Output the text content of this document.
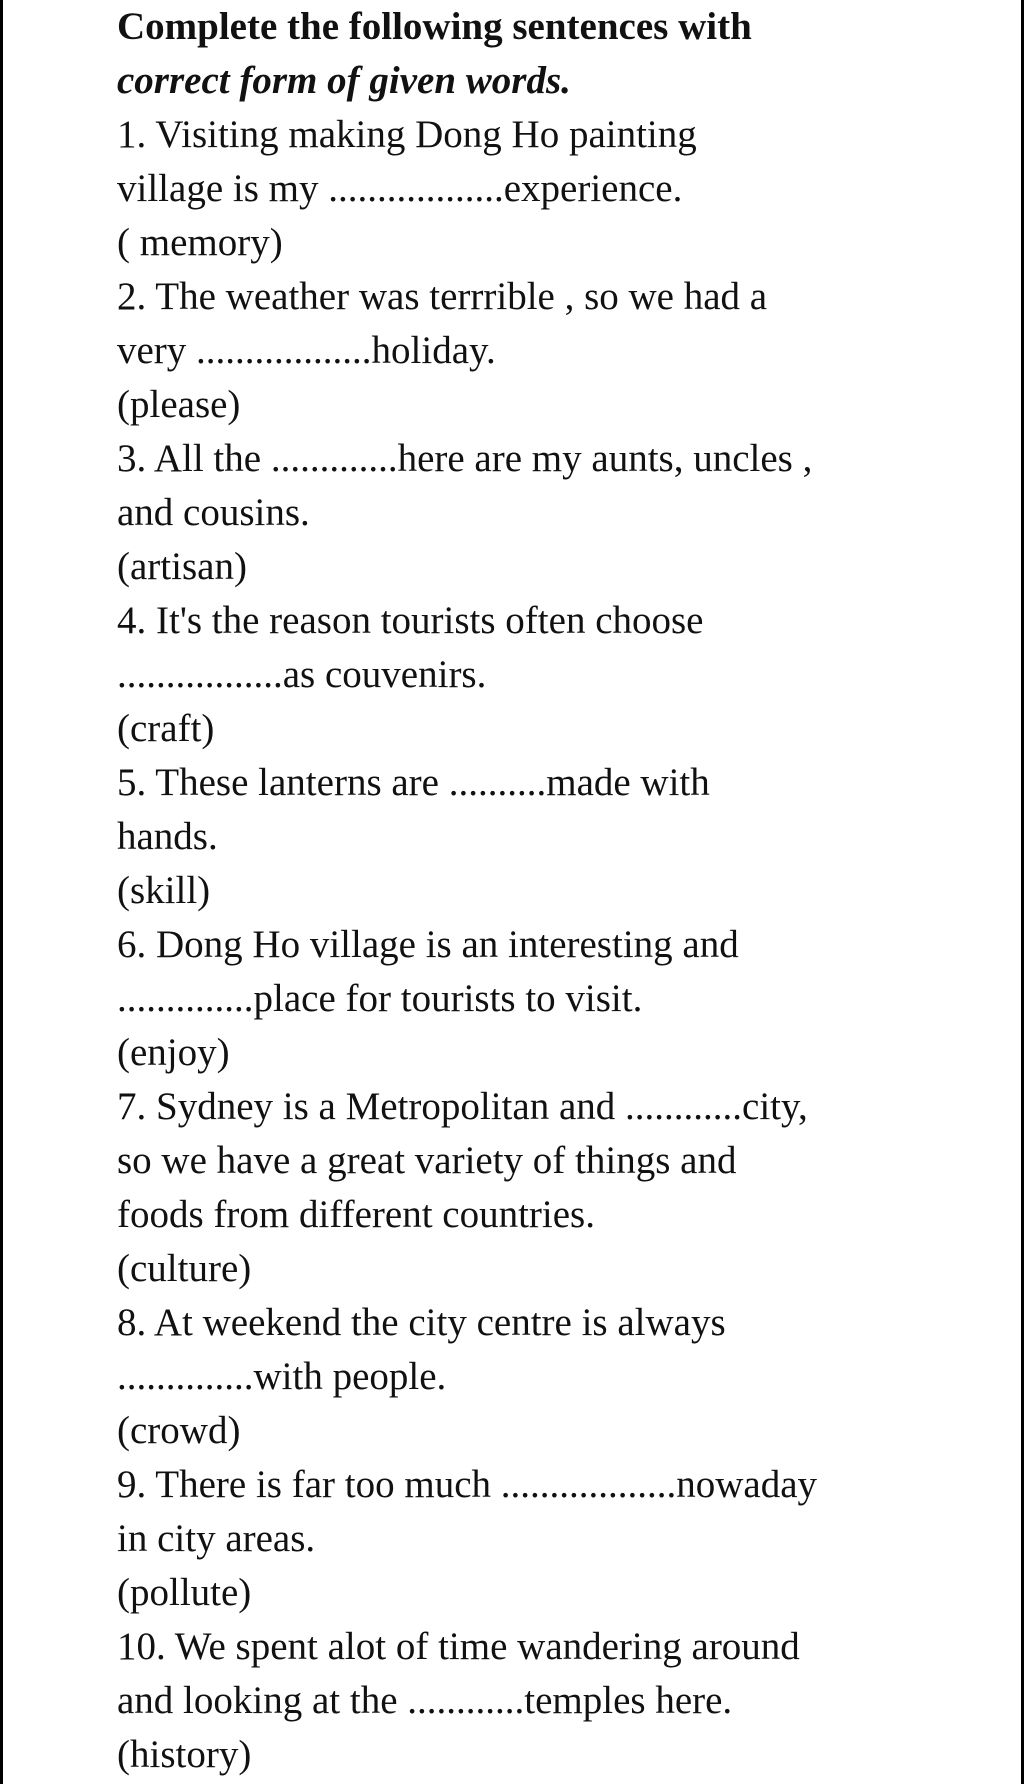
Complete the following sentences with
correct form of given words.
1. Visiting making Dong Ho painting
village is my ..................experience.
( memory)
2. The weather was terrrible , so we had a
very ..................holiday.
(please)
3. All the .............here are my aunts, uncles ,
and cousins.
(artisan)
4. It's the reason tourists often choose
.................as couvenirs.
(craft)
5. These lanterns are ..........made with
hands.
(skill)
6. Dong Ho village is an interesting and
..............place for tourists to visit.
(enjoy)
7. Sydney is a Metropolitan and ............city,
so we have a great variety of things and
foods from different countries.
(culture)
8. At weekend the city centre is always
..............with people.
(crowd)
9. There is far too much ..................nowaday
in city areas.
(pollute)
10. We spent alot of time wandering around
and looking at the ............temples here.
(history)
